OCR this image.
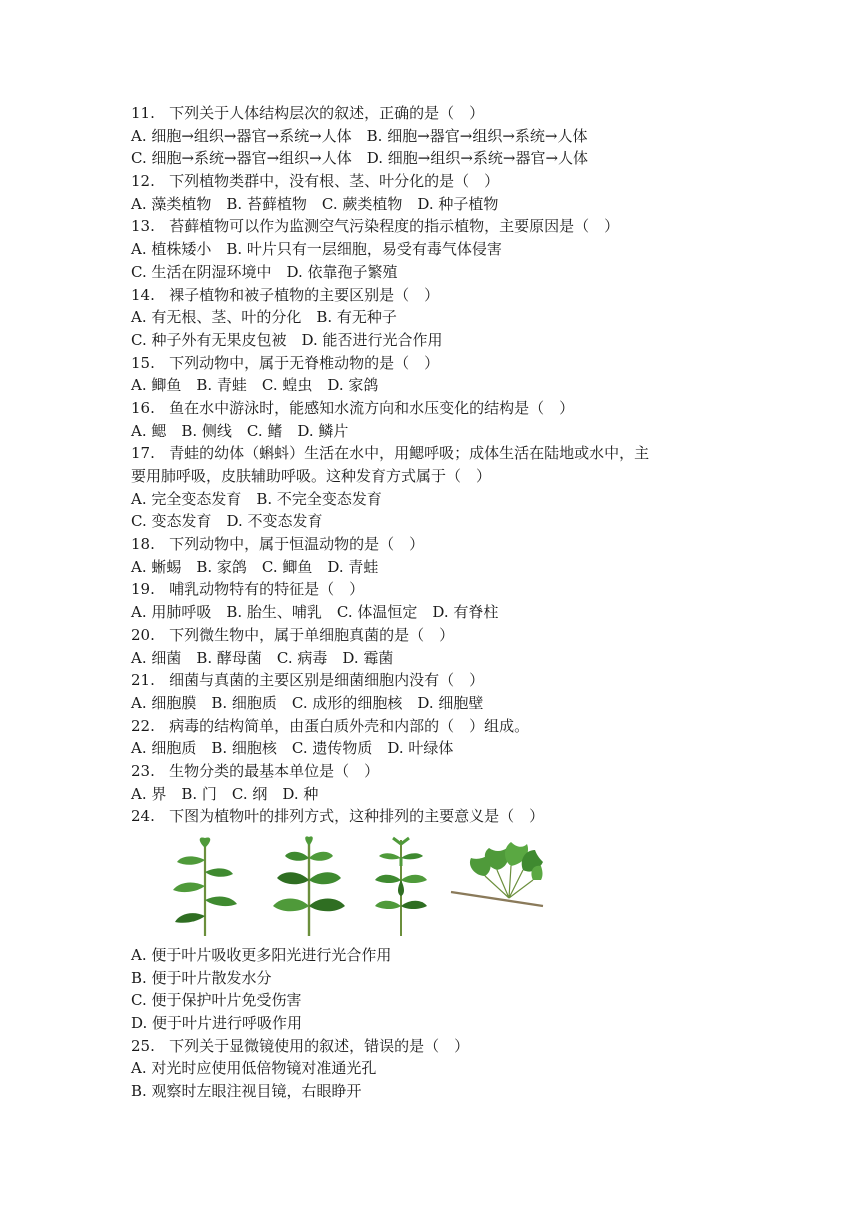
11. 下列关于人体结构层次的叙述，正确的是（　）
A. 细胞→组织→器官→系统→人体　B. 细胞→器官→组织→系统→人体
C. 细胞→系统→器官→组织→人体　D. 细胞→组织→系统→器官→人体
12. 下列植物类群中，没有根、茎、叶分化的是（　）
A. 藻类植物　B. 苔藓植物　C. 蕨类植物　D. 种子植物
13. 苔藓植物可以作为监测空气污染程度的指示植物，主要原因是（　）
A. 植株矮小　B. 叶片只有一层细胞，易受有毒气体侵害
C. 生活在阴湿环境中　D. 依靠孢子繁殖
14. 裸子植物和被子植物的主要区别是（　）
A. 有无根、茎、叶的分化　B. 有无种子
C. 种子外有无果皮包被　D. 能否进行光合作用
15. 下列动物中，属于无脊椎动物的是（　）
A. 鲫鱼　B. 青蛙　C. 蝗虫　D. 家鸽
16. 鱼在水中游泳时，能感知水流方向和水压变化的结构是（　）
A. 鳃　B. 侧线　C. 鳍　D. 鳞片
17. 青蛙的幼体（蝌蚪）生活在水中，用鳃呼吸；成体生活在陆地或水中，主
要用肺呼吸，皮肤辅助呼吸。这种发育方式属于（　）
A. 完全变态发育　B. 不完全变态发育
C. 变态发育　D. 不变态发育
18. 下列动物中，属于恒温动物的是（　）
A. 蜥蜴　B. 家鸽　C. 鲫鱼　D. 青蛙
19. 哺乳动物特有的特征是（　）
A. 用肺呼吸　B. 胎生、哺乳　C. 体温恒定　D. 有脊柱
20. 下列微生物中，属于单细胞真菌的是（　）
A. 细菌　B. 酵母菌　C. 病毒　D. 霉菌
21. 细菌与真菌的主要区别是细菌细胞内没有（　）
A. 细胞膜　B. 细胞质　C. 成形的细胞核　D. 细胞壁
22. 病毒的结构简单，由蛋白质外壳和内部的（　）组成。
A. 细胞质　B. 细胞核　C. 遗传物质　D. 叶绿体
23. 生物分类的最基本单位是（　）
A. 界　B. 门　C. 纲　D. 种
24. 下图为植物叶的排列方式，这种排列的主要意义是（　）
A. 便于叶片吸收更多阳光进行光合作用
B. 便于叶片散发水分
C. 便于保护叶片免受伤害
D. 便于叶片进行呼吸作用
25. 下列关于显微镜使用的叙述，错误的是（　）
A. 对光时应使用低倍物镜对准通光孔
B. 观察时左眼注视目镜，右眼睁开
